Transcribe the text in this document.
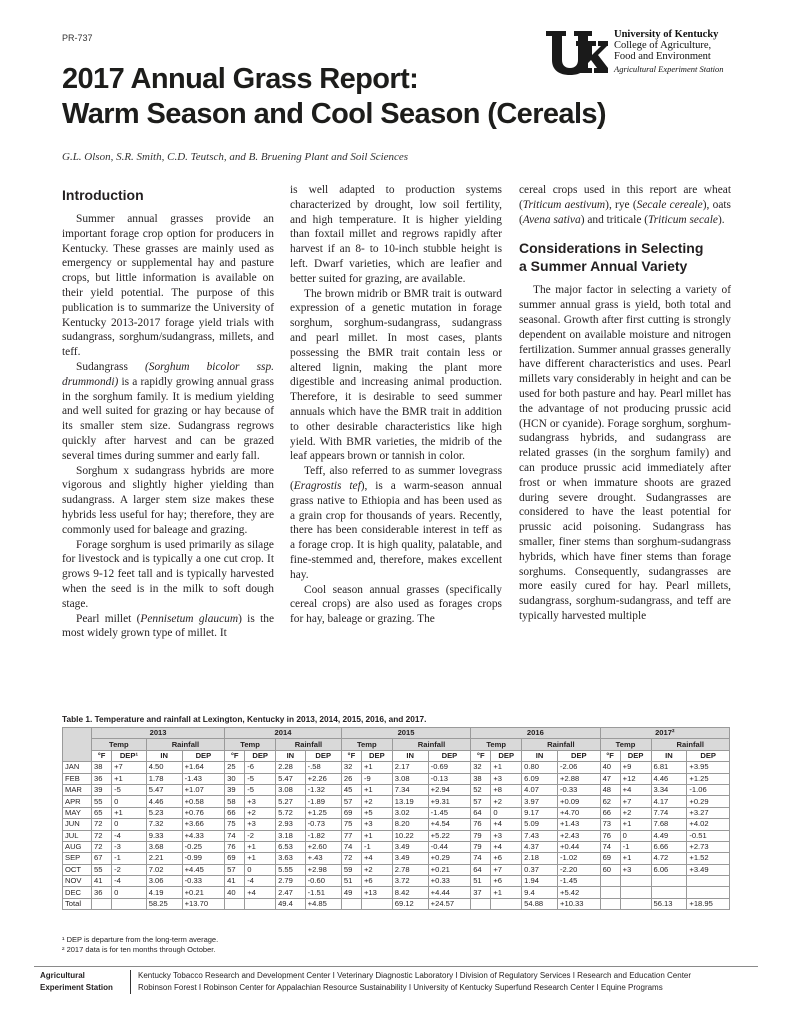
PR-737	University of Kentucky
College of Agriculture,
Food and Environment
Agricultural Experiment Station
2017 Annual Grass Report:
Warm Season and Cool Season (Cereals)
G.L. Olson, S.R. Smith, C.D. Teutsch, and B. Bruening Plant and Soil Sciences
Introduction

Summer annual grasses provide an important forage crop option for producers in Kentucky. These grasses are mainly used as emergency or supplemental hay and pasture crops, but little information is available on their yield potential. The purpose of this publication is to summarize the University of Kentucky 2013-2017 forage yield trials with sudangrass, sorghum/sudangrass, millets, and teff.

Sudangrass (Sorghum bicolor ssp. drummondi) is a rapidly growing annual grass in the sorghum family. It is medium yielding and well suited for grazing or hay because of its smaller stem size. Sudangrass regrows quickly after harvest and can be grazed several times during summer and early fall.

Sorghum x sudangrass hybrids are more vigorous and slightly higher yielding than sudangrass. A larger stem size makes these hybrids less useful for hay; therefore, they are commonly used for baleage and grazing.

Forage sorghum is used primarily as silage for livestock and is typically a one cut crop. It grows 9-12 feet tall and is typically harvested when the seed is in the milk to soft dough stage.

Pearl millet (Pennisetum glaucum) is the most widely grown type of millet. It

is well adapted to production systems characterized by drought, low soil fertility, and high temperature. It is higher yielding than foxtail millet and regrows rapidly after harvest if an 8- to 10-inch stubble height is left. Dwarf varieties, which are leafier and better suited for grazing, are available.

The brown midrib or BMR trait is outward expression of a genetic mutation in forage sorghum, sorghum-sudangrass, sudangrass and pearl millet. In most cases, plants possessing the BMR trait contain less or altered lignin, making the plant more digestible and increasing animal production. Therefore, it is desirable to seed summer annuals which have the BMR trait in addition to other desirable characteristics like high yield. With BMR varieties, the midrib of the leaf appears brown or tannish in color.

Teff, also referred to as summer lovegrass (Eragrostis tef), is a warm-season annual grass native to Ethiopia and has been used as a grain crop for thousands of years. Recently, there has been considerable interest in teff as a forage crop. It is high quality, palatable, and fine-stemmed and, therefore, makes excellent hay.

Cool season annual grasses (specifically cereal crops) are also used as forages crops for hay, baleage or grazing. The

cereal crops used in this report are wheat (Triticum aestivum), rye (Secale cereale), oats (Avena sativa) and triticale (Triticum secale).

Considerations in Selecting
a Summer Annual Variety

The major factor in selecting a variety of summer annual grass is yield, both total and seasonal. Growth after first cutting is strongly dependent on available moisture and nitrogen fertilization. Summer annual grasses generally have different characteristics and uses. Pearl millets vary considerably in height and can be used for both pasture and hay. Pearl millet has the advantage of not producing prussic acid (HCN or cyanide). Forage sorghum, sorghum-sudangrass hybrids, and sudangrass are related grasses (in the sorghum family) and can produce prussic acid immediately after frost or when immature shoots are grazed during severe drought. Sudangrasses are considered to have the least potential for prussic acid poisoning. Sudangrass has smaller, finer stems than sorghum-sudangrass hybrids, which have finer stems than forage sorghums. Consequently, sudangrasses are more easily cured for hay. Pearl millets, sudangrass, sorghum-sudangrass, and teff are typically harvested multiple

Table 1. Temperature and rainfall at Lexington, Kentucky in 2013, 2014, 2015, 2016, and 2017.
	2013				2014				2015				2016				2017²			
	Temp		Rainfall		Temp		Rainfall		Temp		Rainfall		Temp		Rainfall		Temp		Rainfall	
	°F	DEP¹	IN	DEP	°F	DEP	IN	DEP	°F	DEP	IN	DEP	°F	DEP	IN	DEP	°F	DEP	IN	DEP
JAN	38	+7	4.50	+1.64	25	-6	2.28	-.58	32	+1	2.17	-0.69	32	+1	0.80	-2.06	40	+9	6.81	+3.95
FEB	36	+1	1.78	-1.43	30	-5	5.47	+2.26	26	-9	3.08	-0.13	38	+3	6.09	+2.88	47	+12	4.46	+1.25
MAR	39	-5	5.47	+1.07	39	-5	3.08	-1.32	45	+1	7.34	+2.94	52	+8	4.07	-0.33	48	+4	3.34	-1.06
APR	55	0	4.46	+0.58	58	+3	5.27	-1.89	57	+2	13.19	+9.31	57	+2	3.97	+0.09	62	+7	4.17	+0.29
MAY	65	+1	5.23	+0.76	66	+2	5.72	+1.25	69	+5	3.02	-1.45	64	0	9.17	+4.70	66	+2	7.74	+3.27
JUN	72	0	7.32	+3.66	75	+3	2.93	-0.73	75	+3	8.20	+4.54	76	+4	5.09	+1.43	73	+1	7.68	+4.02
JUL	72	-4	9.33	+4.33	74	-2	3.18	-1.82	77	+1	10.22	+5.22	79	+3	7.43	+2.43	76	0	4.49	-0.51
AUG	72	-3	3.68	-0.25	76	+1	6.53	+2.60	74	-1	3.49	-0.44	79	+4	4.37	+0.44	74	-1	6.66	+2.73
SEP	67	-1	2.21	-0.99	69	+1	3.63	+.43	72	+4	3.49	+0.29	74	+6	2.18	-1.02	69	+1	4.72	+1.52
OCT	55	-2	7.02	+4.45	57	0	5.55	+2.98	59	+2	2.78	+0.21	64	+7	0.37	-2.20	60	+3	6.06	+3.49
NOV	41	-4	3.06	-0.33	41	-4	2.79	-0.60	51	+6	3.72	+0.33	51	+6	1.94	-1.45				
DEC	36	0	4.19	+0.21	40	+4	2.47	-1.51	49	+13	8.42	+4.44	37	+1	9.4	+5.42				
Total			58.25	+13.70			49.4	+4.85			69.12	+24.57			54.88	+10.33			56.13	+18.95
¹ DEP is departure from the long-term average.
² 2017 data is for ten months through October.
Agricultural
Experiment Station
Kentucky Tobacco Research and Development Center I Veterinary Diagnostic Laboratory I Division of Regulatory Services I Research and Education Center
Robinson Forest I Robinson Center for Appalachian Resource Sustainability I University of Kentucky Superfund Research Center I Equine Programs
